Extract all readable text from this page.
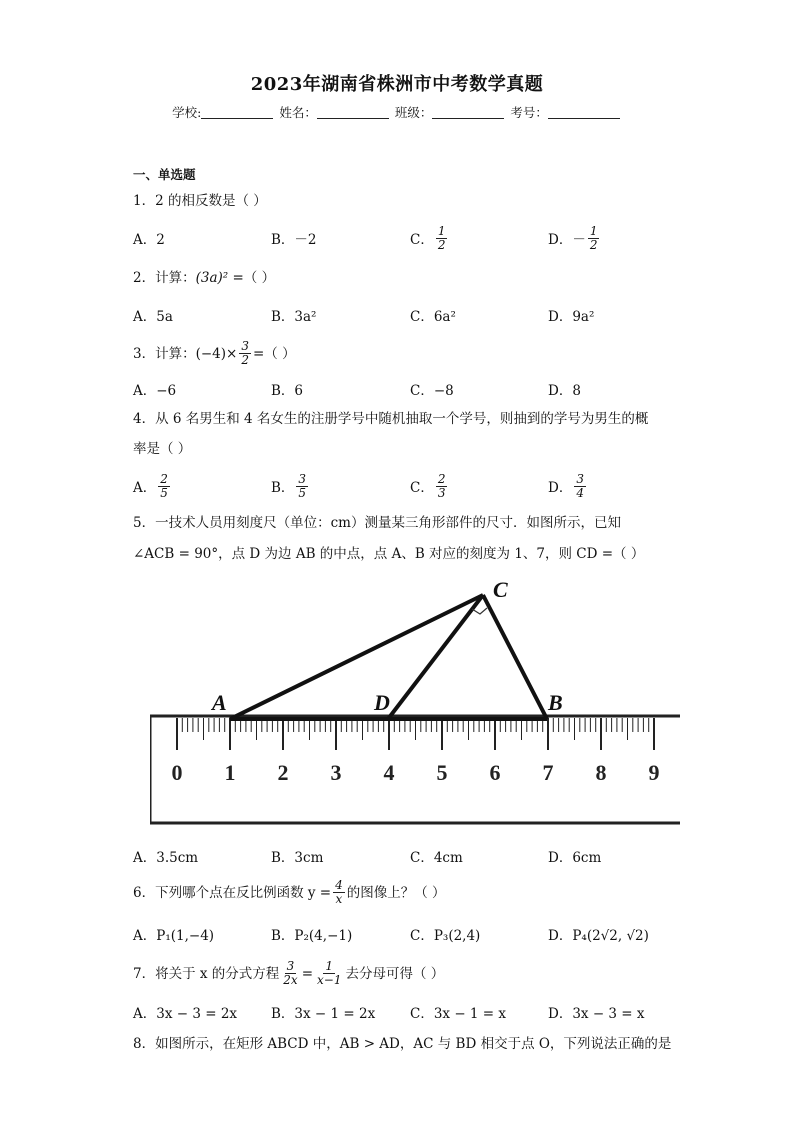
2023年湖南省株洲市中考数学真题
学校:	姓名：	班级：	考号：
一、单选题
1．2 的相反数是（ ）
A．2	B．－2	C． $\frac{1}{2}$	D．－ $\frac{1}{2}$
2．计算：(3a)² =（ ）
A．5a	B．3a²	C．6a²	D．9a²
3．计算： $(-4)\times \frac{3}{2}$ =（ ）
A．−6	B．6	C．−8	D．8
4．从 6 名男生和 4 名女生的注册学号中随机抽取一个学号，则抽到的学号为男生的概
率是（ ）
A． $\frac{2}{5}$	B． $\frac{3}{5}$	C． $\frac{2}{3}$	D． $\frac{3}{4}$
5．一技术人员用刻度尺（单位：cm）测量某三角形部件的尺寸．如图所示，已知
∠ACB = 90°，点 D 为边 AB 的中点，点 A、B 对应的刻度为 1、7，则 CD =（ ）
0 1 2 3 4 5 6 7 8 9
C
A	D	B
A．3.5cm	B．3cm	C．4cm	D．6cm
6．下列哪个点在反比例函数 $y = \frac{4}{x}$ 的图像上？（ ）
A．P₁(1,−4)	B．P₂(4,−1)	C．P₃(2,4)	D．P₄(2√2, √2)
7．将关于 x 的分式方程 $\frac{3}{2x} = \frac{1}{x-1}$ 去分母可得（ ）
A．3x − 3 = 2x	B．3x − 1 = 2x	C．3x − 1 = x	D．3x − 3 = x
8．如图所示，在矩形 ABCD 中，AB > AD，AC 与 BD 相交于点 O，下列说法正确的是
